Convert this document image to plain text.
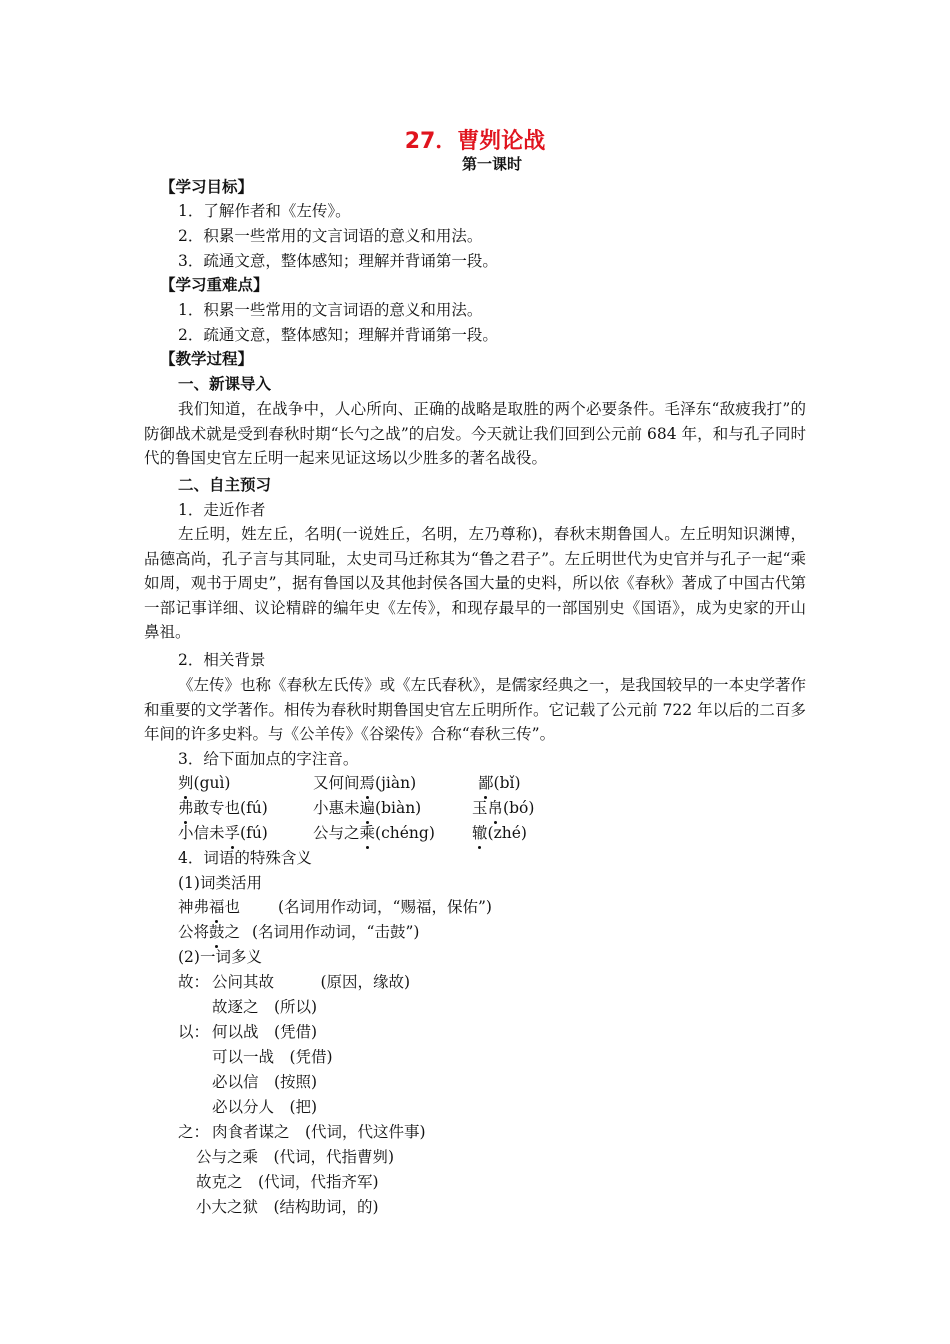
27．曹刿论战
第一课时
【学习目标】
1．了解作者和《左传》。
2．积累一些常用的文言词语的意义和用法。
3．疏通文意，整体感知；理解并背诵第一段。
【学习重难点】
1．积累一些常用的文言词语的意义和用法。
2．疏通文意，整体感知；理解并背诵第一段。
【教学过程】
一、新课导入
我们知道，在战争中，人心所向、正确的战略是取胜的两个必要条件。毛泽东“敌疲我打”的防御战术就是受到春秋时期“长勺之战”的启发。今天就让我们回到公元前 684 年，和与孔子同时代的鲁国史官左丘明一起来见证这场以少胜多的著名战役。
二、自主预习
1．走近作者
左丘明，姓左丘，名明(一说姓丘，名明，左乃尊称)，春秋末期鲁国人。左丘明知识渊博，品德高尚，孔子言与其同耻，太史司马迁称其为“鲁之君子”。左丘明世代为史官并与孔子一起“乘如周，观书于周史”，据有鲁国以及其他封侯各国大量的史料，所以依《春秋》著成了中国古代第一部记事详细、议论精辟的编年史《左传》，和现存最早的一部国别史《国语》，成为史家的开山鼻祖。
2．相关背景
《左传》也称《春秋左氏传》或《左氏春秋》，是儒家经典之一，是我国较早的一本史学著作和重要的文学著作。相传为春秋时期鲁国史官左丘明所作。它记载了公元前 722 年以后的二百多年间的许多史料。与《公羊传》《谷梁传》合称“春秋三传”。
3．给下面加点的字注音。
刿(guì)	又何间焉(jiàn)	鄙(bǐ)
弗敢专也(fú)	小惠未遍(biàn)	玉帛(bó)
小信未孚(fú)	公与之乘(chéng) 辙(zhé)
4．词语的特殊含义
(1)词类活用
神弗福也 (名词用作动词，“赐福，保佑”)
公将鼓之 (名词用作动词，“击鼓”)
(2)一词多义
故： 公问其故　　　(原因，缘故)
故逐之　(所以)
以： 何以战　(凭借)
可以一战　(凭借)
必以信　(按照)
必以分人　(把)
之： 肉食者谋之　(代词，代这件事)
公与之乘　(代词，代指曹刿)
故克之　(代词，代指齐军)
小大之狱　(结构助词，的)
